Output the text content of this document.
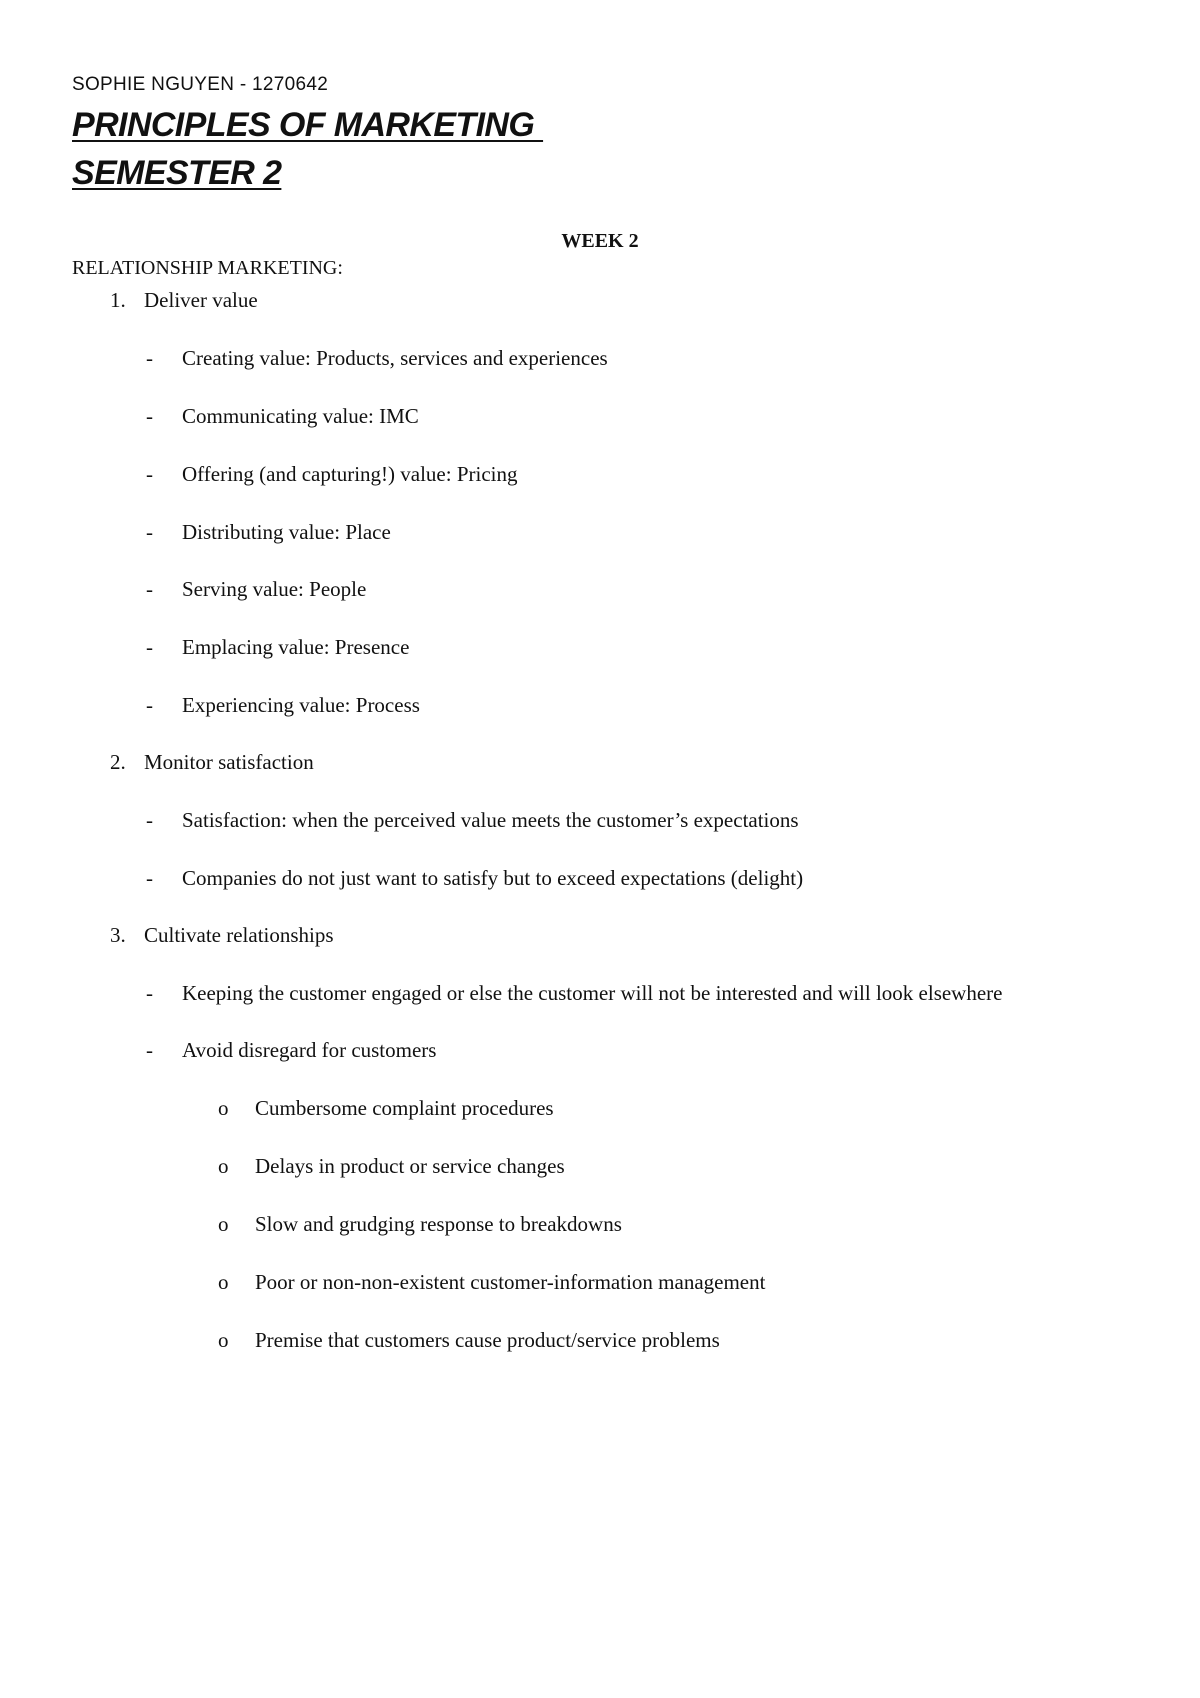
SOPHIE NGUYEN - 1270642
PRINCIPLES OF MARKETING
SEMESTER 2
WEEK 2
RELATIONSHIP MARKETING:
1. Deliver value
- Creating value: Products, services and experiences
- Communicating value: IMC
- Offering (and capturing!) value: Pricing
- Distributing value: Place
- Serving value: People
- Emplacing value: Presence
- Experiencing value: Process
2. Monitor satisfaction
- Satisfaction: when the perceived value meets the customer’s expectations
- Companies do not just want to satisfy but to exceed expectations (delight)
3. Cultivate relationships
- Keeping the customer engaged or else the customer will not be interested and will look elsewhere
- Avoid disregard for customers
o Cumbersome complaint procedures
o Delays in product or service changes
o Slow and grudging response to breakdowns
o Poor or non-non-existent customer-information management
o Premise that customers cause product/service problems
